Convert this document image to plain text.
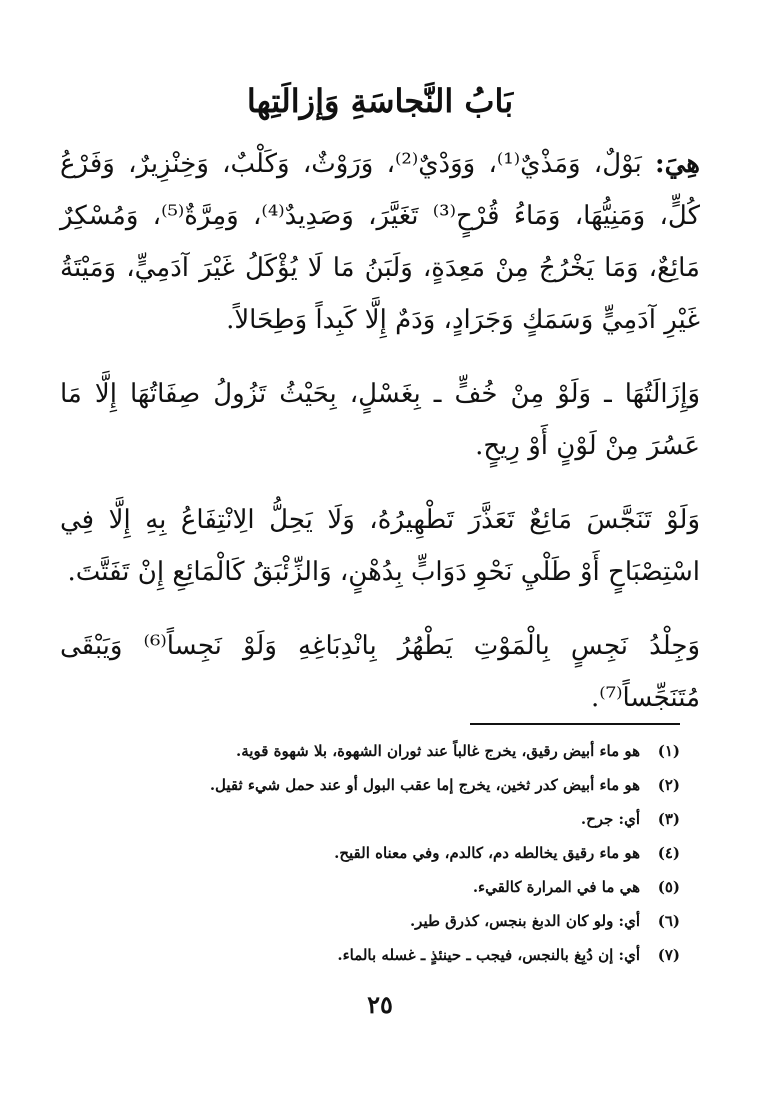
بَابُ النَّجاسَةِ وَإزالَتِها

هِيَ: بَوْلٌ، وَمَذْيٌ⁽¹⁾، وَوَدْيٌ⁽²⁾، وَرَوْثٌ، وَكَلْبٌ، وَخِنْزِيرٌ، وَفَرْعُ كُلٍّ، وَمَنِيُّهَا، وَمَاءُ قُرْحٍ⁽³⁾ تَغَيَّرَ، وَصَدِيدٌ⁽⁴⁾، وَمِرَّةٌ⁽⁵⁾، وَمُسْكِرٌ مَائِعٌ، وَمَا يَخْرُجُ مِنْ مَعِدَةٍ، وَلَبَنُ مَا لَا يُؤْكَلُ غَيْرَ آدَمِيٍّ، وَمَيْتَةُ غَيْرِ آدَمِيٍّ وَسَمَكٍ وَجَرَادٍ، وَدَمٌ إِلَّا كَبِداً وَطِحَالاً.

وَإِزَالَتُهَا ـ وَلَوْ مِنْ خُفٍّ ـ بِغَسْلٍ، بِحَيْثُ تَزُولُ صِفَاتُهَا إِلَّا مَا عَسُرَ مِنْ لَوْنٍ أَوْ رِيحٍ.

وَلَوْ تَنَجَّسَ مَائِعٌ تَعَذَّرَ تَطْهِيرُهُ، وَلَا يَحِلُّ الِانْتِفَاعُ بِهِ إِلَّا فِي اسْتِصْبَاحٍ أَوْ طَلْيِ نَحْوِ دَوَابٍّ بِدُهْنٍ، وَالزِّئْبَقُ كَالْمَائِعِ إِنْ تَفَتَّتَ.

وَجِلْدُ نَجِسٍ بِالْمَوْتِ يَطْهُرُ بِانْدِبَاغِهِ وَلَوْ نَجِساً⁽⁶⁾ وَيَبْقَى مُتَنَجِّساً⁽⁷⁾.

(١)
هو ماء أبيض رقيق، يخرج غالباً عند ثوران الشهوة، بلا شهوة قوية.
(٢)
هو ماء أبيض كدر ثخين، يخرج إما عقب البول أو عند حمل شيء ثقيل.
(٣)
أي: جرح.
(٤)
هو ماء رقيق يخالطه دم، كالدم، وفي معناه القيح.
(٥)
هي ما في المرارة كالقيء.
(٦)
أي: ولو كان الدبغ بنجس، كذرق طير.
(٧)
أي: إن دُبِغ بالنجس، فيجب ـ حينئذٍ ـ غسله بالماء.
٢٥
